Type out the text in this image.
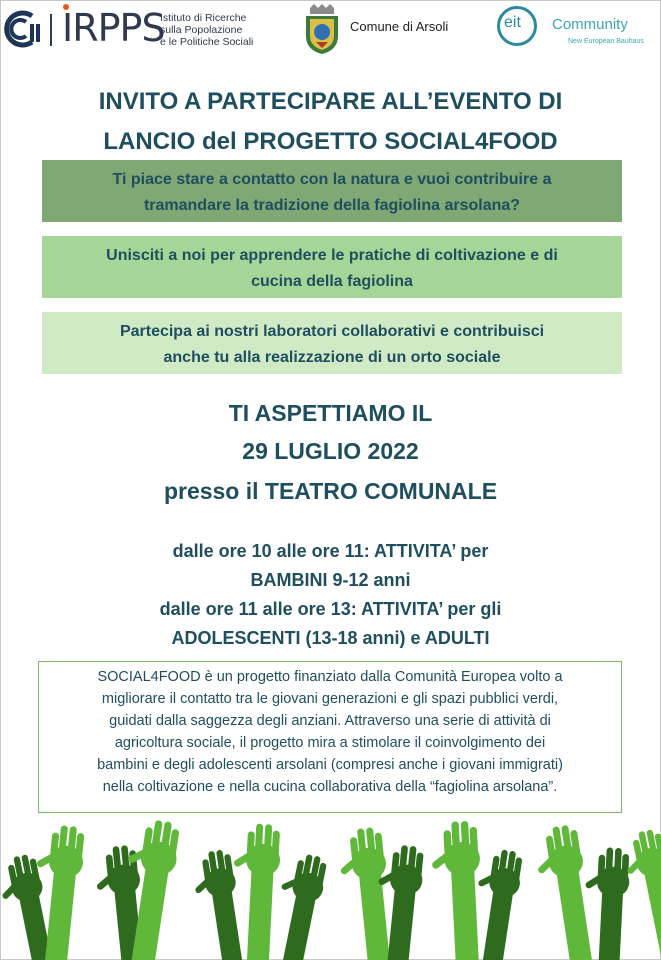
IRPPS
Istituto di Ricerche
sulla Popolazione
e le Politiche Sociali
Comune di Arsoli	eit Community
New European Bauhaus
INVITO A PARTECIPARE ALL’EVENTO DI
LANCIO del PROGETTO SOCIAL4FOOD
Ti piace stare a contatto con la natura e vuoi contribuire a
tramandare la tradizione della fagiolina arsolana?
Unisciti a noi per apprendere le pratiche di coltivazione e di
cucina della fagiolina
Partecipa ai nostri laboratori collaborativi e contribuisci
anche tu alla realizzazione di un orto sociale
TI ASPETTIAMO IL
29 LUGLIO 2022
presso il TEATRO COMUNALE
dalle ore 10 alle ore 11: ATTIVITA’ per
BAMBINI 9-12 anni
dalle ore 11 alle ore 13: ATTIVITA’ per gli
ADOLESCENTI (13-18 anni) e ADULTI
SOCIAL4FOOD è un progetto finanziato dalla Comunità Europea volto a
migliorare il contatto tra le giovani generazioni e gli spazi pubblici verdi,
guidati dalla saggezza degli anziani. Attraverso una serie di attività di
agricoltura sociale, il progetto mira a stimolare il coinvolgimento dei
bambini e degli adolescenti arsolani (compresi anche i giovani immigrati)
nella coltivazione e nella cucina collaborativa della “fagiolina arsolana”.
